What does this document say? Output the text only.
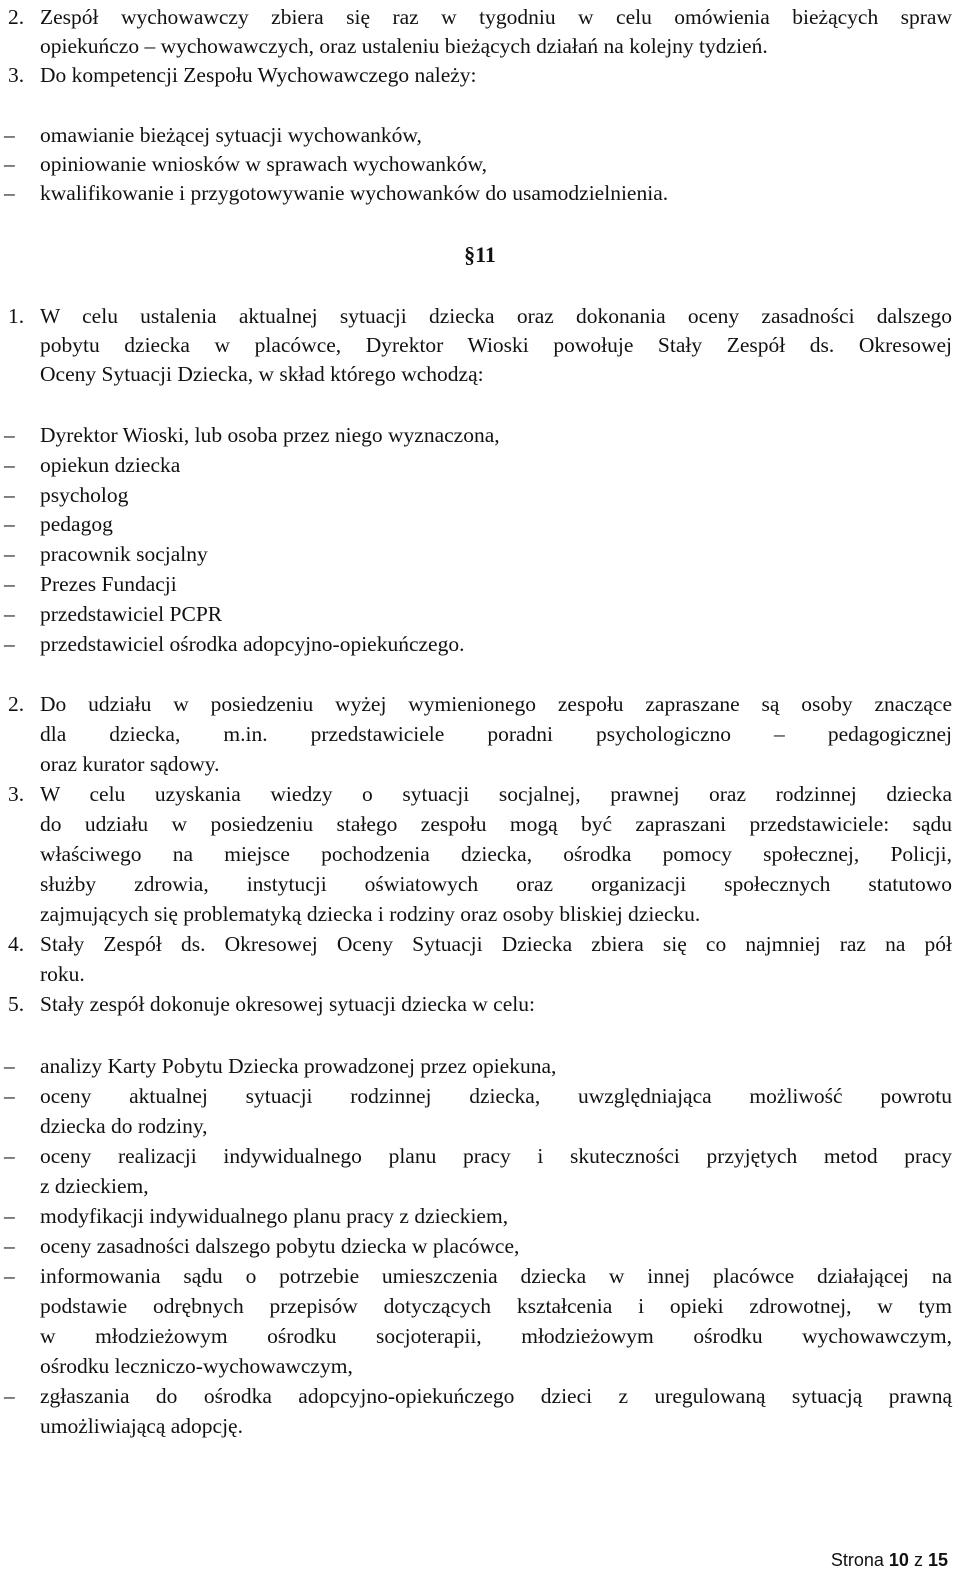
2. Zespół wychowawczy zbiera się raz w tygodniu w celu omówienia bieżących spraw
opiekuńczo – wychowawczych, oraz ustaleniu bieżących działań na kolejny tydzień.
3. Do kompetencji Zespołu Wychowawczego należy:
– omawianie bieżącej sytuacji wychowanków,
– opiniowanie wniosków w sprawach wychowanków,
– kwalifikowanie i przygotowywanie wychowanków do usamodzielnienia.
§11
1. W celu ustalenia aktualnej sytuacji dziecka oraz dokonania oceny zasadności dalszego
pobytu dziecka w placówce, Dyrektor Wioski powołuje Stały Zespół ds. Okresowej
Oceny Sytuacji Dziecka, w skład którego wchodzą:
– Dyrektor Wioski, lub osoba przez niego wyznaczona,
– opiekun dziecka
– psycholog
– pedagog
– pracownik socjalny
– Prezes Fundacji
– przedstawiciel PCPR
– przedstawiciel ośrodka adopcyjno-opiekuńczego.
2. Do udziału w posiedzeniu wyżej wymienionego zespołu zapraszane są osoby znaczące
dla dziecka, m.in. przedstawiciele poradni psychologiczno – pedagogicznej
oraz kurator sądowy.
3. W celu uzyskania wiedzy o sytuacji socjalnej, prawnej oraz rodzinnej dziecka
do udziału w posiedzeniu stałego zespołu mogą być zapraszani przedstawiciele: sądu
właściwego na miejsce pochodzenia dziecka, ośrodka pomocy społecznej, Policji,
służby zdrowia, instytucji oświatowych oraz organizacji społecznych statutowo
zajmujących się problematyką dziecka i rodziny oraz osoby bliskiej dziecku.
4. Stały Zespół ds. Okresowej Oceny Sytuacji Dziecka zbiera się co najmniej raz na pół
roku.
5. Stały zespół dokonuje okresowej sytuacji dziecka w celu:
– analizy Karty Pobytu Dziecka prowadzonej przez opiekuna,
– oceny aktualnej sytuacji rodzinnej dziecka, uwzględniająca możliwość powrotu
dziecka do rodziny,
– oceny realizacji indywidualnego planu pracy i skuteczności przyjętych metod pracy
z dzieckiem,
– modyfikacji indywidualnego planu pracy z dzieckiem,
– oceny zasadności dalszego pobytu dziecka w placówce,
– informowania sądu o potrzebie umieszczenia dziecka w innej placówce działającej na
podstawie odrębnych przepisów dotyczących kształcenia i opieki zdrowotnej, w tym
w młodzieżowym ośrodku socjoterapii, młodzieżowym ośrodku wychowawczym,
ośrodku leczniczo-wychowawczym,
– zgłaszania do ośrodka adopcyjno-opiekuńczego dzieci z uregulowaną sytuacją prawną
umożliwiającą adopcję.
Strona 10 z 15
